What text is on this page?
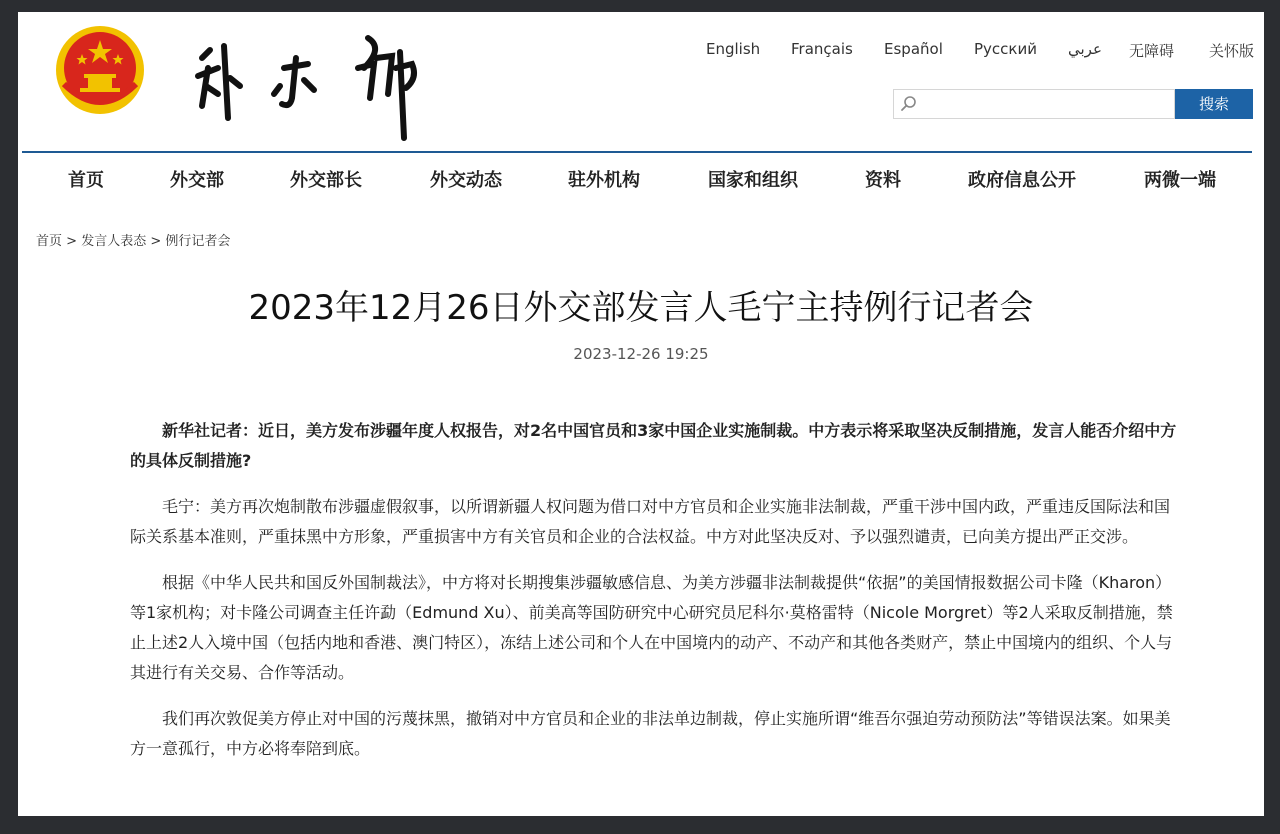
English Français Español Русский عربي 无障碍 关怀版
搜索
首页	外交部	外交部长	外交动态	驻外机构	国家和组织	资料	政府信息公开	两微一端
首页 > 发言人表态 > 例行记者会
2023年12月26日外交部发言人毛宁主持例行记者会
2023-12-26 19:25

新华社记者：近日，美方发布涉疆年度人权报告，对2名中国官员和3家中国企业实施制裁。中方表示将采取坚决反制措施，发言人能否介绍中方的具体反制措施?

毛宁：美方再次炮制散布涉疆虚假叙事，以所谓新疆人权问题为借口对中方官员和企业实施非法制裁，严重干涉中国内政，严重违反国际法和国际关系基本准则，严重抹黑中方形象，严重损害中方有关官员和企业的合法权益。中方对此坚决反对、予以强烈谴责，已向美方提出严正交涉。

根据《中华人民共和国反外国制裁法》，中方将对长期搜集涉疆敏感信息、为美方涉疆非法制裁提供“依据”的美国情报数据公司卡隆（Kharon）等1家机构；对卡隆公司调查主任许勐（Edmund Xu）、前美高等国防研究中心研究员尼科尔·莫格雷特（Nicole Morgret）等2人采取反制措施，禁止上述2人入境中国（包括内地和香港、澳门特区），冻结上述公司和个人在中国境内的动产、不动产和其他各类财产，禁止中国境内的组织、个人与其进行有关交易、合作等活动。

我们再次敦促美方停止对中国的污蔑抹黑，撤销对中方官员和企业的非法单边制裁，停止实施所谓“维吾尔强迫劳动预防法”等错误法案。如果美方一意孤行，中方必将奉陪到底。
